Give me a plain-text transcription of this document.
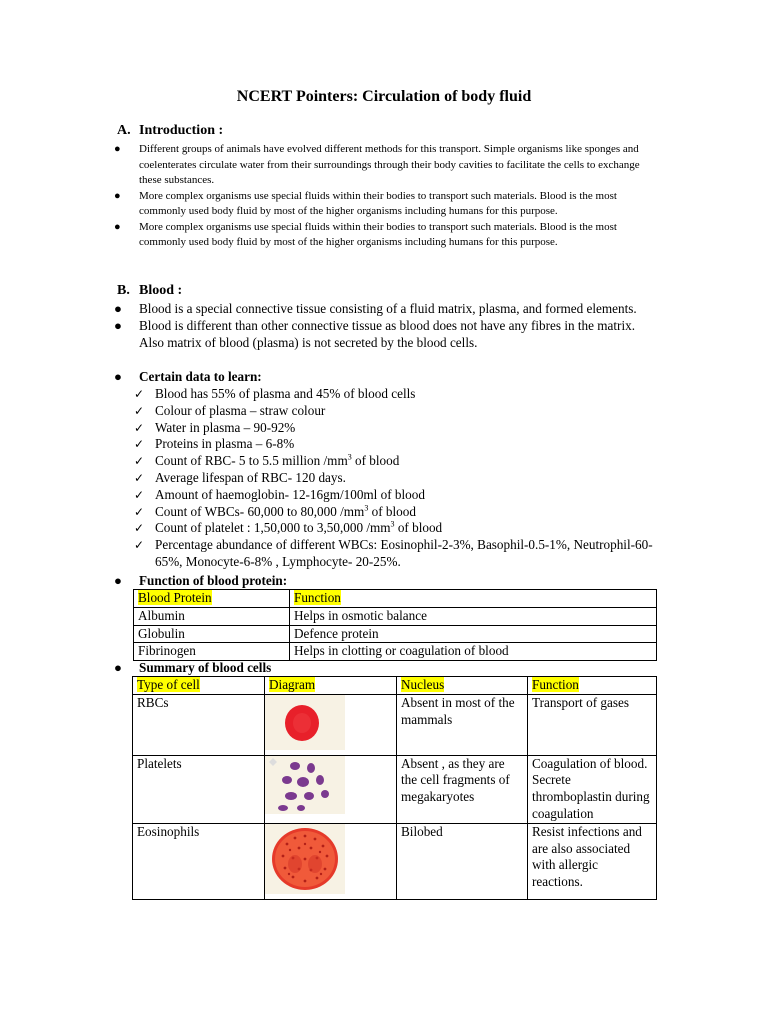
NCERT Pointers: Circulation of body fluid
A. Introduction :
● Different groups of animals have evolved different methods for this transport. Simple organisms like sponges and coelenterates circulate water from their surroundings through their body cavities to facilitate the cells to exchange these substances.
● More complex organisms use special fluids within their bodies to transport such materials. Blood is the most commonly used body fluid by most of the higher organisms including humans for this purpose.
● More complex organisms use special fluids within their bodies to transport such materials. Blood is the most commonly used body fluid by most of the higher organisms including humans for this purpose.
B. Blood :
● Blood is a special connective tissue consisting of a fluid matrix, plasma, and formed elements.
● Blood is different than other connective tissue as blood does not have any fibres in the matrix. Also matrix of blood (plasma) is not secreted by the blood cells.
● Certain data to learn:
✓ Blood has 55% of plasma and 45% of blood cells
✓ Colour of plasma – straw colour
✓ Water in plasma – 90-92%
✓ Proteins in plasma – 6-8%
✓ Count of RBC- 5 to 5.5 million $/mm^3$ of blood
✓ Average lifespan of RBC- 120 days.
✓ Amount of haemoglobin- 12-16gm/100ml of blood
✓ Count of WBCs- 60,000 to 80,000 $/mm^3$ of blood
✓ Count of platelet : 1,50,000 to 3,50,000 $/mm^3$ of blood
✓ Percentage abundance of different WBCs: Eosinophil-2-3%, Basophil-0.5-1%, Neutrophil-60-65%, Monocyte-6-8% , Lymphocyte- 20-25%.
● Function of blood protein:
Blood Protein	Function
Albumin	Helps in osmotic balance
Globulin	Defence protein
Fibrinogen	Helps in clotting or coagulation of blood
● Summary of blood cells
Type of cell	Diagram	Nucleus	Function
RBCs		Absent in most of the mammals	Transport of gases
Platelets		Absent , as they are the cell fragments of megakaryotes	Coagulation of blood. Secrete thromboplastin during coagulation
Eosinophils		Bilobed	Resist infections and are also associated with allergic reactions.
